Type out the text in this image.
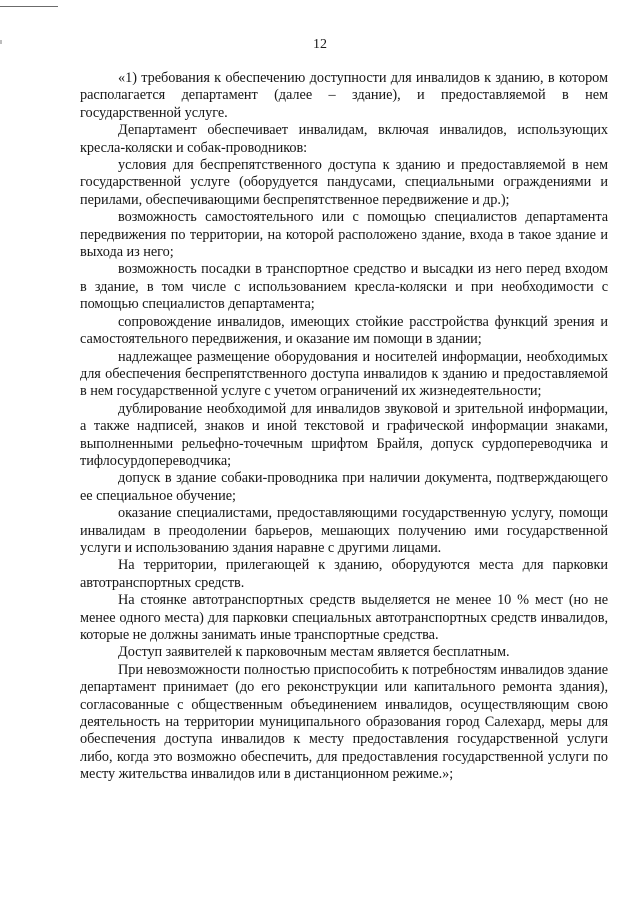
12

«1) требования к обеспечению доступности для инвалидов к зданию, в котором располагается департамент (далее – здание), и предоставляемой в нем государственной услуге.

Департамент обеспечивает инвалидам, включая инвалидов, использующих кресла-коляски и собак-проводников:

условия для беспрепятственного доступа к зданию и предоставляемой в нем государственной услуге (оборудуется пандусами, специальными ограждениями и перилами, обеспечивающими беспрепятственное передвижение и др.);

возможность самостоятельного или с помощью специалистов департамента передвижения по территории, на которой расположено здание, входа в такое здание и выхода из него;

возможность посадки в транспортное средство и высадки из него перед входом в здание, в том числе с использованием кресла-коляски и при необходимости с помощью специалистов департамента;

сопровождение инвалидов, имеющих стойкие расстройства функций зрения и самостоятельного передвижения, и оказание им помощи в здании;

надлежащее размещение оборудования и носителей информации, необходимых для обеспечения беспрепятственного доступа инвалидов к зданию и предоставляемой в нем государственной услуге с учетом ограничений их жизнедеятельности;

дублирование необходимой для инвалидов звуковой и зрительной информации, а также надписей, знаков и иной текстовой и графической информации знаками, выполненными рельефно-точечным шрифтом Брайля, допуск сурдопереводчика и тифлосурдопереводчика;

допуск в здание собаки-проводника при наличии документа, подтверждающего ее специальное обучение;

оказание специалистами, предоставляющими государственную услугу, помощи инвалидам в преодолении барьеров, мешающих получению ими государственной услуги и использованию здания наравне с другими лицами.

На территории, прилегающей к зданию, оборудуются места для парковки автотранспортных средств.

На стоянке автотранспортных средств выделяется не менее 10 % мест (но не менее одного места) для парковки специальных автотранспортных средств инвалидов, которые не должны занимать иные транспортные средства.

Доступ заявителей к парковочным местам является бесплатным.

При невозможности полностью приспособить к потребностям инвалидов здание департамент принимает (до его реконструкции или капитального ремонта здания), согласованные с общественным объединением инвалидов, осуществляющим свою деятельность на территории муниципального образования город Салехард, меры для обеспечения доступа инвалидов к месту предоставления государственной услуги либо, когда это возможно обеспечить, для предоставления государственной услуги по месту жительства инвалидов или в дистанционном режиме.»;
